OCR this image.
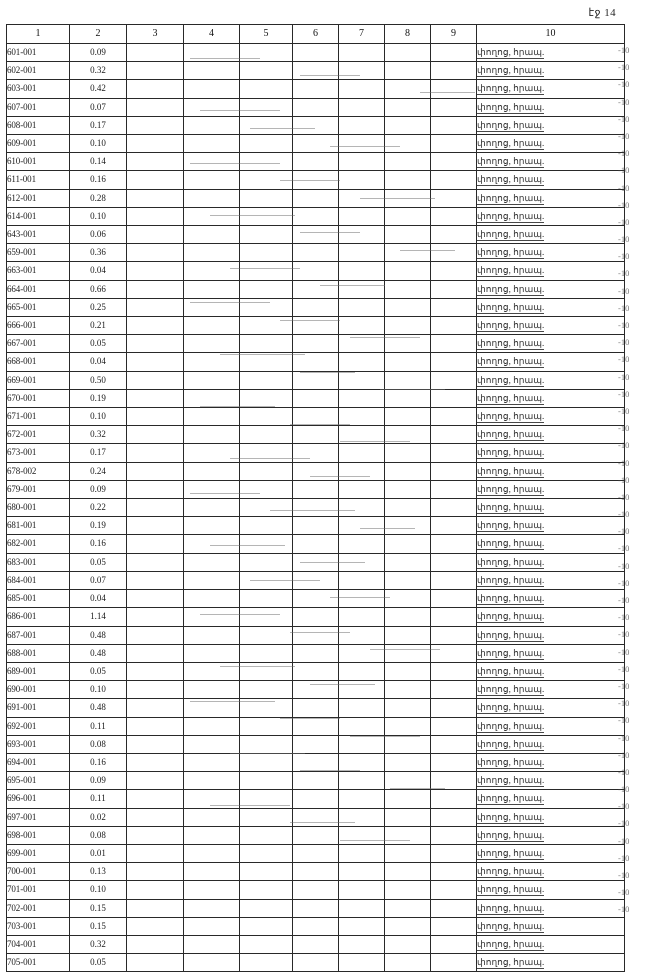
էջ 14
1	2	3	4	5	6	7	8	9	10
601-001	0.09								փողոց, հրապ.
602-001	0.32								փողոց, հրապ.
603-001	0.42								փողոց, հրապ.
607-001	0.07								փողոց, հրապ.
608-001	0.17								փողոց, հրապ.
609-001	0.10								փողոց, հրապ.
610-001	0.14								փողոց, հրապ.
611-001	0.16								փողոց, հրապ.
612-001	0.28								փողոց, հրապ.
614-001	0.10								փողոց, հրապ.
643-001	0.06								փողոց, հրապ.
659-001	0.36								փողոց, հրապ.
663-001	0.04								փողոց, հրապ.
664-001	0.66								փողոց, հրապ.
665-001	0.25								փողոց, հրապ.
666-001	0.21								փողոց, հրապ.
667-001	0.05								փողոց, հրապ.
668-001	0.04								փողոց, հրապ.
669-001	0.50								փողոց, հրապ.
670-001	0.19								փողոց, հրապ.
671-001	0.10								փողոց, հրապ.
672-001	0.32								փողոց, հրապ.
673-001	0.17								փողոց, հրապ.
678-002	0.24								փողոց, հրապ.
679-001	0.09								փողոց, հրապ.
680-001	0.22								փողոց, հրապ.
681-001	0.19								փողոց, հրապ.
682-001	0.16								փողոց, հրապ.
683-001	0.05								փողոց, հրապ.
684-001	0.07								փողոց, հրապ.
685-001	0.04								փողոց, հրապ.
686-001	1.14								փողոց, հրապ.
687-001	0.48								փողոց, հրապ.
688-001	0.48								փողոց, հրապ.
689-001	0.05								փողոց, հրապ.
690-001	0.10								փողոց, հրապ.
691-001	0.48								փողոց, հրապ.
692-001	0.11								փողոց, հրապ.
693-001	0.08								փողոց, հրապ.
694-001	0.16								փողոց, հրապ.
695-001	0.09								փողոց, հրապ.
696-001	0.11								փողոց, հրապ.
697-001	0.02								փողոց, հրապ.
698-001	0.08								փողոց, հրապ.
699-001	0.01								փողոց, հրապ.
700-001	0.13								փողոց, հրապ.
701-001	0.10								փողոց, հրապ.
702-001	0.15								փողոց, հրապ.
703-001	0.15								փողոց, հրապ.
704-001	0.32								փողոց, հրապ.
705-001	0.05								փողոց, հրապ.
-10
-10
-10
-10
-10
-10
-10
-10
-10
-10
-10
-10
-10
-10
-10
-10
-10
-10
-10
-10
-10
-10
-10
-10
-10
-10
-10
-10
-10
-10
-10
-10
-10
-10
-10
-10
-10
-10
-10
-10
-10
-10
-10
-10
-10
-10
-10
-10
-10
-10
-10
